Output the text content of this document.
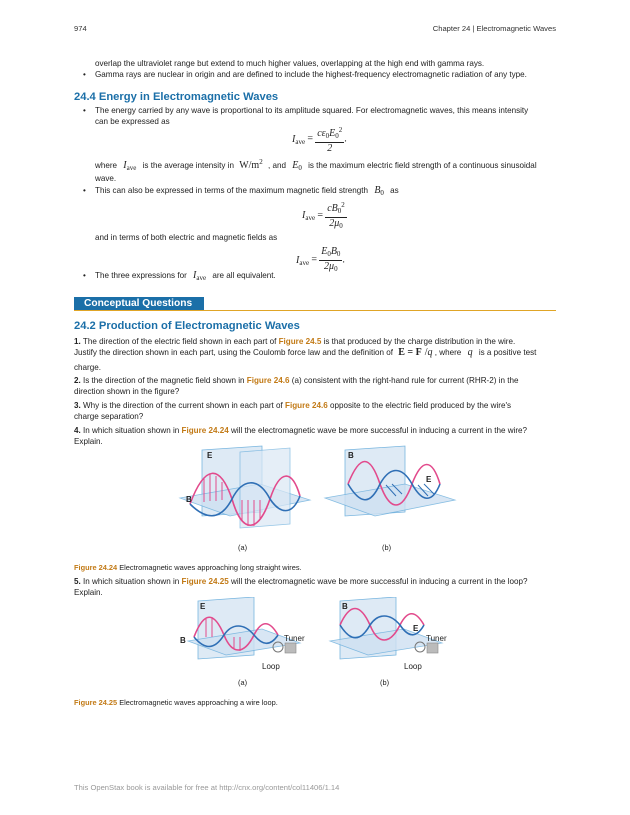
974	Chapter 24 | Electromagnetic Waves
overlap the ultraviolet range but extend to much higher values, overlapping at the high end with gamma rays.
• Gamma rays are nuclear in origin and are defined to include the highest-frequency electromagnetic radiation of any type.
24.4 Energy in Electromagnetic Waves
• The energy carried by any wave is proportional to its amplitude squared. For electromagnetic waves, this means intensity
can be expressed as
$I_{ave} = \frac{c\varepsilon_0E_0^2}{2}$ .
where $I_{ave}$ is the average intensity in $W/m^2$ , and $E_0$ is the maximum electric field strength of a continuous sinusoidal
wave.
• This can also be expressed in terms of the maximum magnetic field strength $B_0$ as
$I_{ave} = \frac{cB_0^2}{2\mu_0}$
and in terms of both electric and magnetic fields as
$I_{ave} = \frac{E_0B_0}{2\mu_0}$ .
• The three expressions for $I_{ave}$ are all equivalent.
Conceptual Questions
24.2 Production of Electromagnetic Waves
1. The direction of the electric field shown in each part of Figure 24.5 is that produced by the charge distribution in the wire.
Justify the direction shown in each part, using the Coulomb force law and the definition of E = F /q , where q is a positive test
charge.
2. Is the direction of the magnetic field shown in Figure 24.6 (a) consistent with the right-hand rule for current (RHR-2) in the
direction shown in the figure?
3. Why is the direction of the current shown in each part of Figure 24.6 opposite to the electric field produced by the wire's
charge separation?
4. In which situation shown in Figure 24.24 will the electromagnetic wave be more successful in inducing a current in the wire?
Explain.
E
B
B
E
(a)	(b)
Figure 24.24 Electromagnetic waves approaching long straight wires.
5. In which situation shown in Figure 24.25 will the electromagnetic wave be more successful in inducing a current in the loop?
Explain.
E
B	Tuner
Loop
B
E
Tuner
Loop
(a)	(b)
Figure 24.25 Electromagnetic waves approaching a wire loop.
This OpenStax book is available for free at http://cnx.org/content/col11406/1.14
